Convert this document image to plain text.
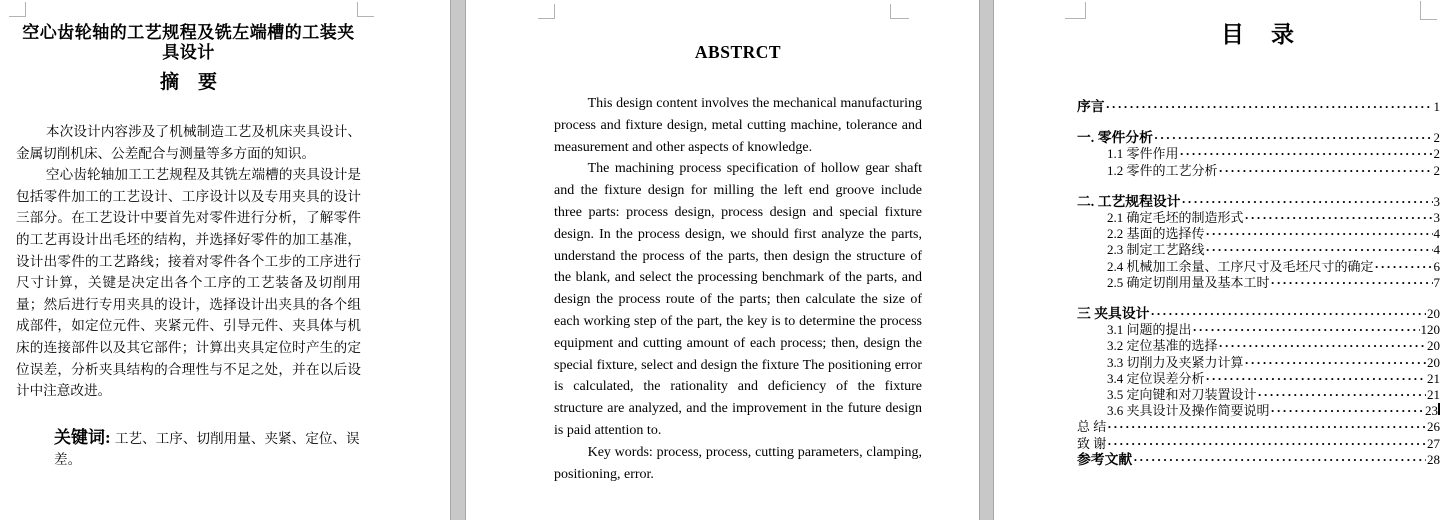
空心齿轮轴的工艺规程及铣左端槽的工装夹具设计
摘　要

本次设计内容涉及了机械制造工艺及机床夹具设计、金属切削机床、公差配合与测量等多方面的知识。

空心齿轮轴加工工艺规程及其铣左端槽的夹具设计是包括零件加工的工艺设计、工序设计以及专用夹具的设计三部分。在工艺设计中要首先对零件进行分析，了解零件的工艺再设计出毛坯的结构，并选择好零件的加工基准，设计出零件的工艺路线；接着对零件各个工步的工序进行尺寸计算，关键是决定出各个工序的工艺装备及切削用量；然后进行专用夹具的设计，选择设计出夹具的各个组成部件，如定位元件、夹紧元件、引导元件、夹具体与机床的连接部件以及其它部件；计算出夹具定位时产生的定位误差，分析夹具结构的合理性与不足之处，并在以后设计中注意改进。

关键词: 工艺、工序、切削用量、夹紧、定位、误差。

ABSTRCT

This design content involves the mechanical manufacturing process and fixture design, metal cutting machine, tolerance and measurement and other aspects of knowledge.

The machining process specification of hollow gear shaft and the fixture design for milling the left end groove include three parts: process design, process design and special fixture design. In the process design, we should first analyze the parts, understand the process of the parts, then design the structure of the blank, and select the processing benchmark of the parts, and design the process route of the parts; then calculate the size of each working step of the part, the key is to determine the process equipment and cutting amount of each process; then, design the special fixture, select and design the fixture The positioning error is calculated, the rationality and deficiency of the fixture structure are analyzed, and the improvement in the future design is paid attention to.

Key words: process, process, cutting parameters, clamping, positioning, error.

目　录
序言 ·····	1
一. 零件分析 ·····	2
1.1 零件作用 ·····	2
1.2 零件的工艺分析 ·····	2
二. 工艺规程设计 ·····	3
2.1 确定毛坯的制造形式 ·····	3
2.2 基面的选择传 ·····	4
2.3 制定工艺路线 ·····	4
2.4 机械加工余量、工序尺寸及毛坯尺寸的确定 ·····	6
2.5 确定切削用量及基本工时 ·····	7
三 夹具设计 ·····	20
3.1 问题的提出 ·····	120
3.2 定位基准的选择 ·····	20
3.3 切削力及夹紧力计算 ·····	20
3.4 定位误差分析 ·····	21
3.5 定向键和对刀装置设计 ·····	21
3.6 夹具设计及操作简要说明 ·····	23
总 结 ·····	26
致 谢 ·····	27
参考文献 ·····	28
